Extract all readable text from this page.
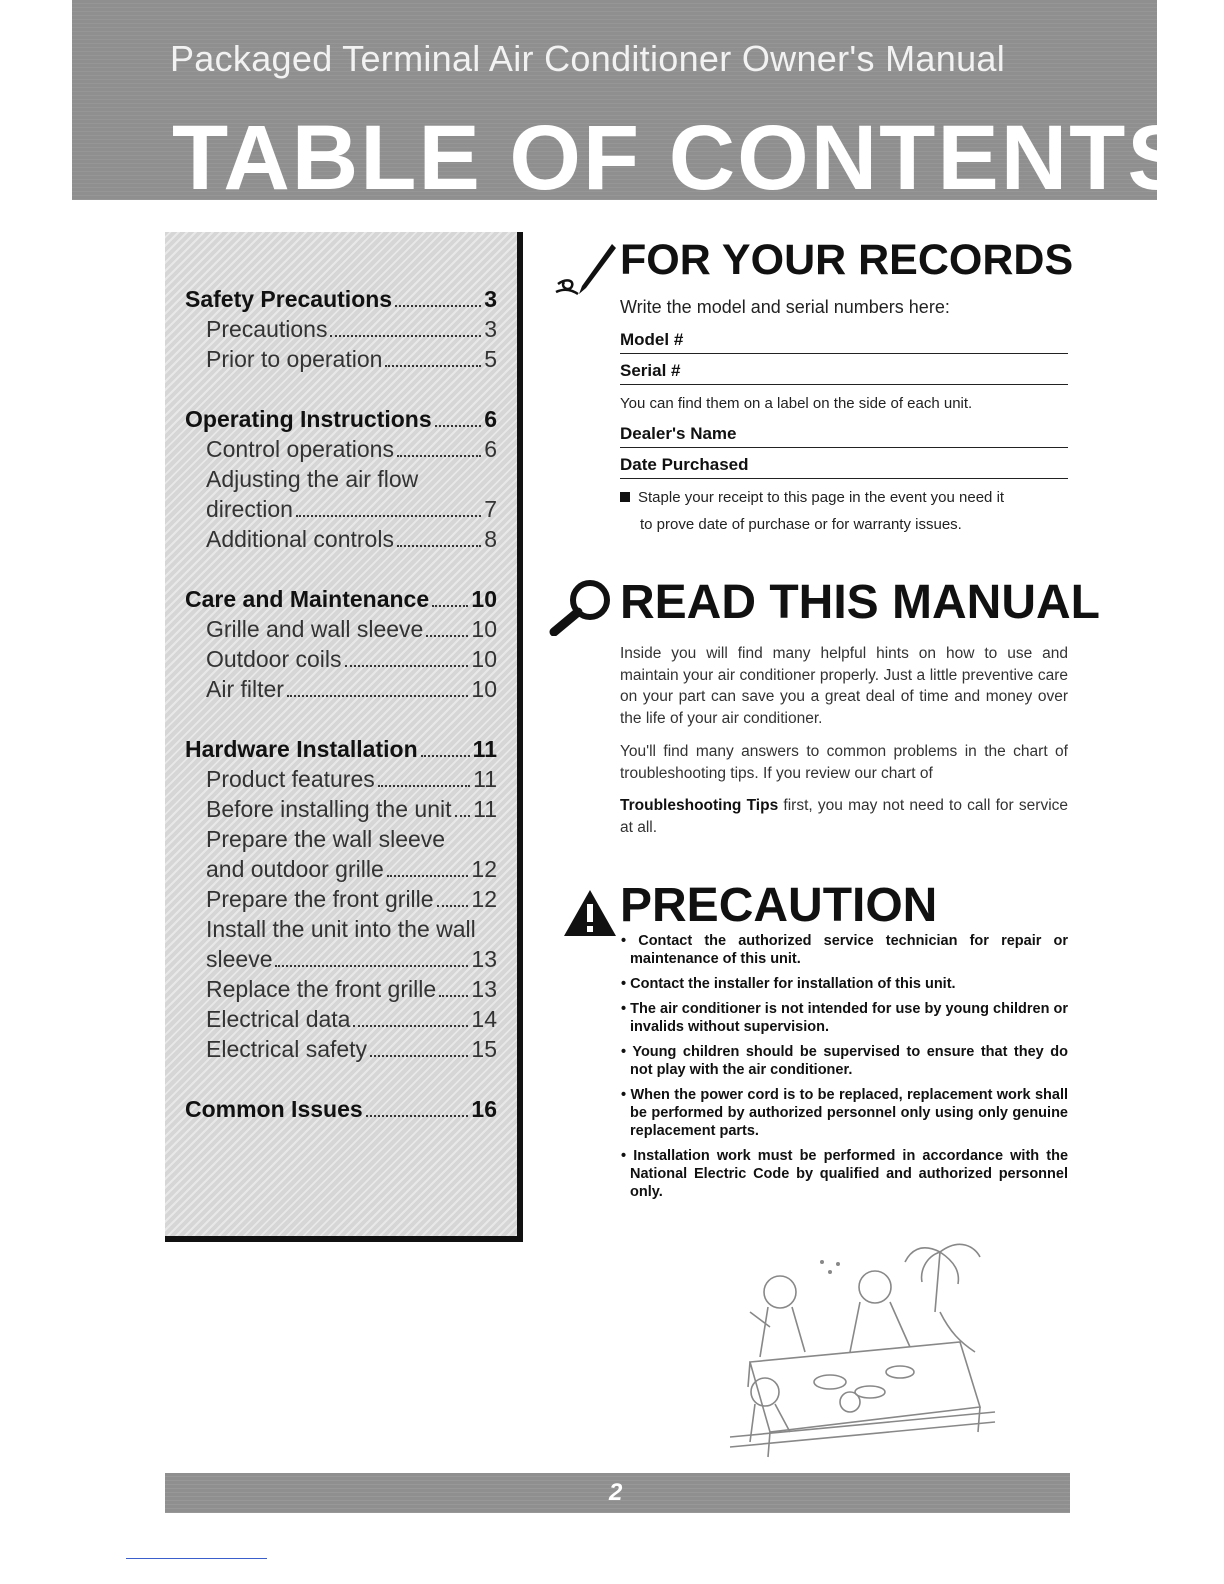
Packaged Terminal Air Conditioner Owner's Manual
TABLE OF CONTENTS
Safety Precautions	3
Precautions	3
Prior to operation	5
Operating Instructions 6
Control operations	6
Adjusting the air flow
direction	7
Additional controls	8
Care and Maintenance 10
Grille and wall sleeve 10
Outdoor coils	10
Air filter	10
Hardware Installation 11
Product features	11
Before installing the unit 11
Prepare the wall sleeve
and outdoor grille	12
Prepare the front grille 12
Install the unit into the wall
sleeve	13
Replace the front grille 13
Electrical data	14
Electrical safety	15
Common Issues	16
FOR YOUR RECORDS
Write the model and serial numbers here:
Model #
Serial #
You can find them on a label on the side of each unit.
Dealer's Name
Date Purchased
Staple your receipt to this page in the event you need it
to prove date of purchase or for warranty issues.
READ THIS MANUAL
Inside you will find many helpful hints on how to use and maintain your air conditioner properly. Just a little preventive care on your part can save you a great deal of time and money over the life of your air conditioner.
You'll find many answers to common problems in the chart of troubleshooting tips. If you review our chart of
Troubleshooting Tips first, you may not need to call for service at all.
PRECAUTION
• Contact the authorized service technician for repair or maintenance of this unit.
• Contact the installer for installation of this unit.
• The air conditioner is not intended for use by young children or invalids without supervision.
• Young children should be supervised to ensure that they do not play with the air conditioner.
• When the power cord is to be replaced, replacement work shall be performed by authorized personnel only using only genuine replacement parts.
• Installation work must be performed in accordance with the National Electric Code by qualified and authorized personnel only.
2
